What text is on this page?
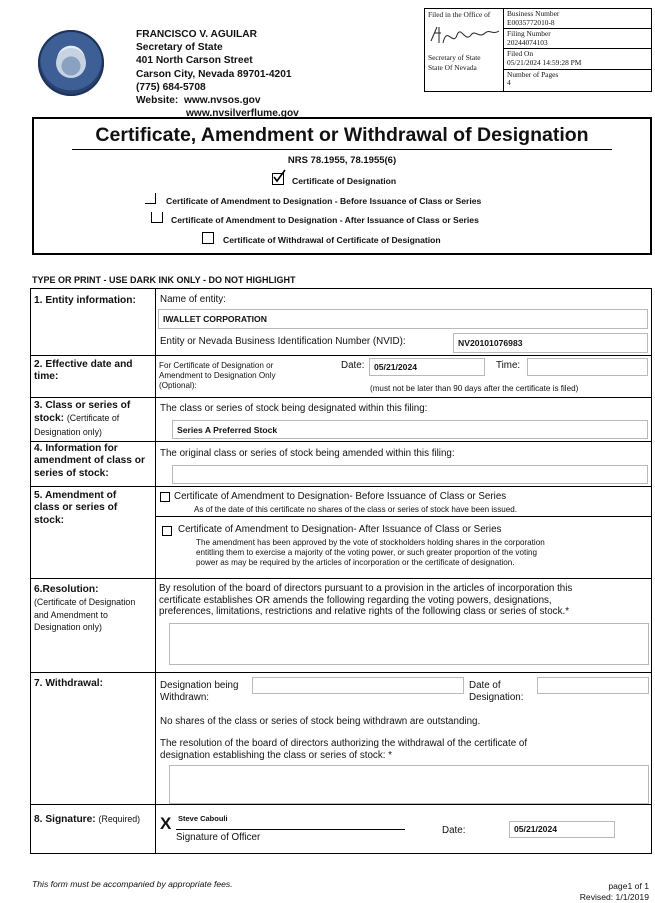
FRANCISCO V. AGUILAR
Secretary of State
401 North Carson Street
Carson City, Nevada 89701-4201
(775) 684-5708
Website: www.nvsos.gov
www.nvsilverflume.gov
Filed in the Office of
Secretary of State
State Of Nevada
Business Number
E0035772010-8
Filing Number
20244074103
Filed On
05/21/2024 14:59:28 PM
Number of Pages
4
Certificate, Amendment or Withdrawal of Designation
NRS 78.1955, 78.1955(6)
Certificate of Designation
Certificate of Amendment to Designation - Before Issuance of Class or Series
Certificate of Amendment to Designation - After Issuance of Class or Series
Certificate of Withdrawal of Certificate of Designation
TYPE OR PRINT - USE DARK INK ONLY - DO NOT HIGHLIGHT
1. Entity information: Name of entity:
IWALLET CORPORATION
Entity or Nevada Business Identification Number (NVID):	NV20101076983
2. Effective date and time:
For Certificate of Designation or
Amendment to Designation Only
(Optional):
Date:	05/21/2024	Time:
(must not be later than 90 days after the certificate is filed)
3. Class or series of
stock: (Certificate of
Designation only)
The class or series of stock being designated within this filing:
Series A Preferred Stock
4. Information for amendment of class or series of stock:
The original class or series of stock being amended within this filing:
5. Amendment of class or series of stock:
Certificate of Amendment to Designation- Before Issuance of Class or Series
As of the date of this certificate no shares of the class or series of stock have been issued.
Certificate of Amendment to Designation- After Issuance of Class or Series
The amendment has been approved by the vote of stockholders holding shares in the corporation
entitling them to exercise a majority of the voting power, or such greater proportion of the voting
power as may be required by the articles of incorporation or the certificate of designation.
6.Resolution:
(Certificate of Designation
and Amendment to
Designation only)
By resolution of the board of directors pursuant to a provision in the articles of incorporation this
certificate establishes OR amends the following regarding the voting powers, designations,
preferences, limitations, restrictions and relative rights of the following class or series of stock.*
7. Withdrawal:	Designation being
Withdrawn:
Date of
Designation:
No shares of the class or series of stock being withdrawn are outstanding.
The resolution of the board of directors authorizing the withdrawal of the certificate of
designation establishing the class or series of stock: *
8. Signature: (Required) X Steve Cabouli
Signature of Officer
Date:	05/21/2024
This form must be accompanied by appropriate fees.	page1 of 1
Revised: 1/1/2019
